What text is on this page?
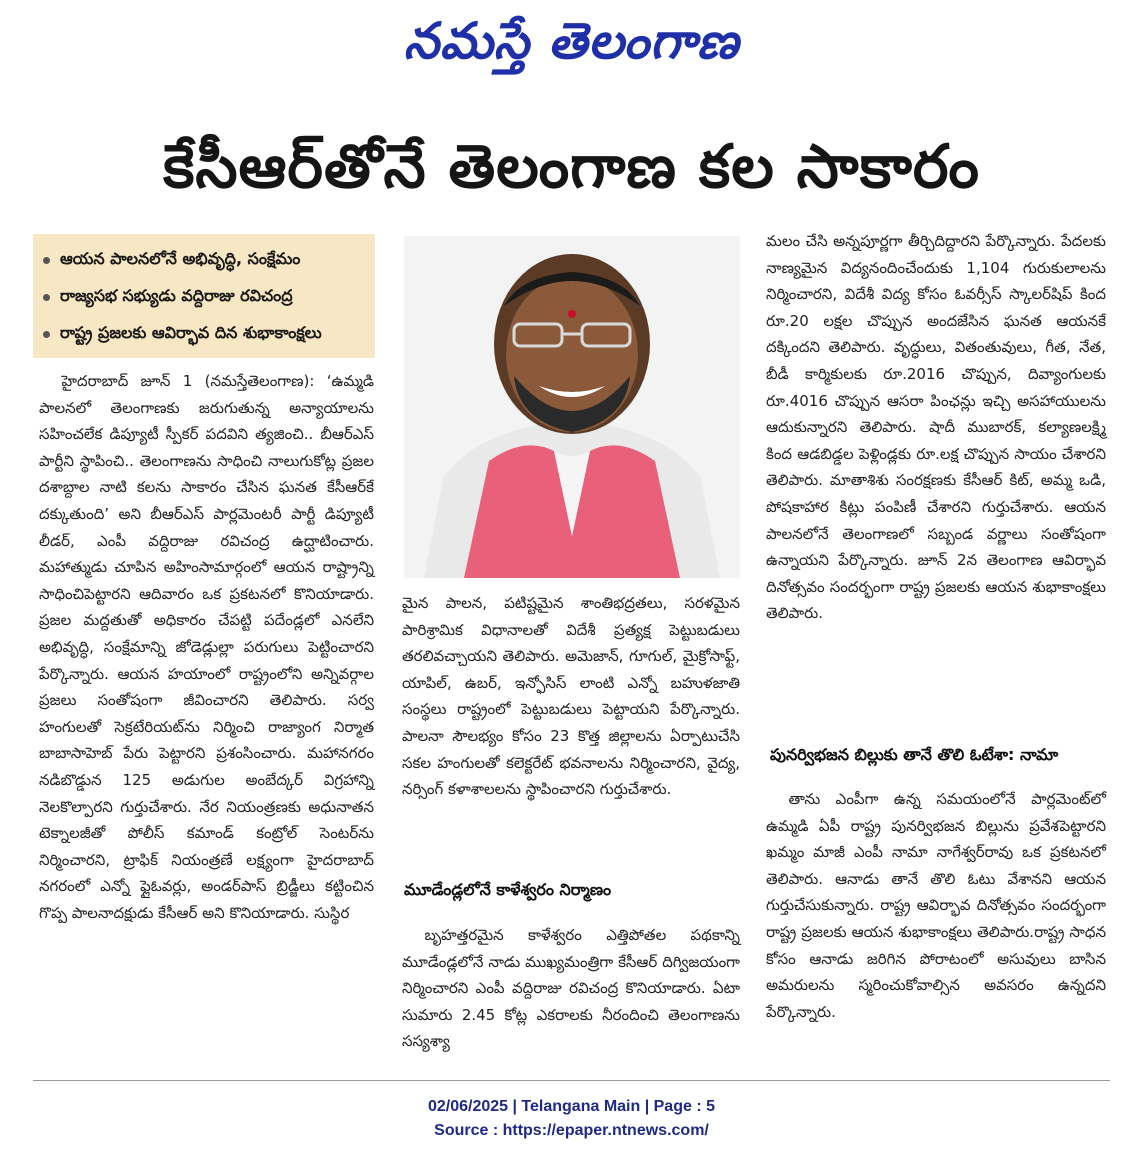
నమస్తే తెలంగాణ
కేసీఆర్‌తోనే తెలంగాణ కల సాకారం
ఆయన పాలనలోనే అభివృద్ధి, సంక్షేమం
రాజ్యసభ సభ్యుడు వద్దిరాజు రవిచంద్ర
రాష్ట్ర ప్రజలకు ఆవిర్భావ దిన శుభాకాంక్షలు

హైదరాబాద్ జూన్ 1 (నమస్తేతెలంగాణ): ‘ఉమ్మడి పాలనలో తెలంగాణకు జరుగుతున్న అన్యాయాలను సహించలేక డిప్యూటీ స్పీకర్ పదవిని త్యజించి.. బీఆర్ఎస్ పార్టీని స్థాపించి.. తెలంగాణను సాధించి నాలుగుకోట్ల ప్రజల దశాబ్దాల నాటి కలను సాకారం చేసిన ఘనత కేసీఆర్‌కే దక్కుతుంది’ అని బీఆర్ఎస్ పార్లమెంటరీ పార్టీ డిప్యూటీ లీడర్, ఎంపీ వద్దిరాజు రవిచంద్ర ఉద్ఘాటించారు. మహాత్ముడు చూపిన అహింసామార్గంలో ఆయన రాష్ట్రాన్ని సాధించిపెట్టారని ఆదివారం ఒక ప్రకటనలో కొనియాడారు. ప్రజల మద్దతుతో అధికారం చేపట్టి పదేండ్లలో ఎనలేని అభివృద్ధి, సంక్షేమాన్ని జోడెడ్లుల్లా పరుగులు పెట్టించారని పేర్కొన్నారు. ఆయన హయాంలో రాష్ట్రంలోని అన్నివర్గాల ప్రజలు సంతోషంగా జీవించారని తెలిపారు. సర్వ హంగులతో సెక్రటేరియట్‌ను నిర్మించి రాజ్యాంగ నిర్మాత బాబాసాహెబ్ పేరు పెట్టారని ప్రశంసించారు. మహానగరం నడిబొడ్డున 125 అడుగుల అంబేద్కర్ విగ్రహాన్ని నెలకొల్పారని గుర్తుచేశారు. నేర నియంత్రణకు అధునాతన టెక్నాలజీతో పోలీస్ కమాండ్ కంట్రోల్ సెంటర్‌ను నిర్మించారని, ట్రాఫిక్ నియంత్రణే లక్ష్యంగా హైదరాబాద్ నగరంలో ఎన్నో ఫ్లైఓవర్లు, అండర్‌పాస్ బ్రిడ్జీలు కట్టించిన గొప్ప పాలనాదక్షుడు కేసీఆర్ అని కొనియాడారు. సుస్థిర

మైన పాలన, పటిష్టమైన శాంతిభద్రతలు, సరళమైన పారిశ్రామిక విధానాలతో విదేశీ ప్రత్యక్ష పెట్టుబడులు తరలివచ్చాయని తెలిపారు. అమెజాన్, గూగుల్, మైక్రోసాఫ్ట్, యాపిల్, ఉబర్, ఇన్ఫోసిస్ లాంటి ఎన్నో బహుళజాతి సంస్థలు రాష్ట్రంలో పెట్టుబడులు పెట్టాయని పేర్కొన్నారు. పాలనా సౌలభ్యం కోసం 23 కొత్త జిల్లాలను ఏర్పాటుచేసి సకల హంగులతో కలెక్టరేట్ భవనాలను నిర్మించారని, వైద్య, నర్సింగ్ కళాశాలలను స్థాపించారని గుర్తుచేశారు.

మూడేండ్లలోనే కాళేశ్వరం నిర్మాణం

బృహత్తరమైన కాళేశ్వరం ఎత్తిపోతల పథకాన్ని మూడేండ్లలోనే నాడు ముఖ్యమంత్రిగా కేసీఆర్ దిగ్విజయంగా నిర్మించారని ఎంపీ వద్దిరాజు రవిచంద్ర కొనియాడారు. ఏటా సుమారు 2.45 కోట్ల ఎకరాలకు నీరందించి తెలంగాణను సస్యశ్యా

మలం చేసి అన్నపూర్ణగా తీర్చిదిద్దారని పేర్కొన్నారు. పేదలకు నాణ్యమైన విద్యనందించేందుకు 1,104 గురుకులాలను నిర్మించారని, విదేశీ విద్య కోసం ఓవర్సీస్ స్కాలర్‌షిప్ కింద రూ.20 లక్షల చొప్పున అందజేసిన ఘనత ఆయనకే దక్కిందని తెలిపారు. వృద్ధులు, వితంతువులు, గీత, నేత, బీడీ కార్మికులకు రూ.2016 చొప్పున, దివ్యాంగులకు రూ.4016 చొప్పున ఆసరా పింఛన్లు ఇచ్చి అసహాయులను ఆదుకున్నారని తెలిపారు. షాదీ ముబారక్, కల్యాణలక్ష్మి కింద ఆడబిడ్డల పెళ్లిండ్లకు రూ.లక్ష చొప్పున సాయం చేశారని తెలిపారు. మాతాశిశు సంరక్షణకు కేసీఆర్ కిట్, అమ్మ ఒడి, పోషకాహార కిట్లు పంపిణీ చేశారని గుర్తుచేశారు. ఆయన పాలనలోనే తెలంగాణలో సబ్బండ వర్ణాలు సంతోషంగా ఉన్నాయని పేర్కొన్నారు. జూన్ 2న తెలంగాణ ఆవిర్భావ దినోత్సవం సందర్భంగా రాష్ట్ర ప్రజలకు ఆయన శుభాకాంక్షలు తెలిపారు.

పునర్విభజన బిల్లుకు తానే తొలి ఓటేశా: నామా

తాను ఎంపీగా ఉన్న సమయంలోనే పార్లమెంట్‌లో ఉమ్మడి ఏపీ రాష్ట్ర పునర్విభజన బిల్లును ప్రవేశపెట్టారని ఖమ్మం మాజీ ఎంపీ నామా నాగేశ్వర్‌రావు ఒక ప్రకటనలో తెలిపారు. ఆనాడు తానే తొలి ఓటు వేశానని ఆయన గుర్తుచేసుకున్నారు. రాష్ట్ర ఆవిర్భావ దినోత్సవం సందర్భంగా రాష్ట్ర ప్రజలకు ఆయన శుభాకాంక్షలు తెలిపారు.రాష్ట్ర సాధన కోసం ఆనాడు జరిగిన పోరాటంలో అసువులు బాసిన అమరులను స్మరించుకోవాల్సిన అవసరం ఉన్నదని పేర్కొన్నారు.

02/06/2025 | Telangana Main | Page : 5
Source : https://epaper.ntnews.com/
